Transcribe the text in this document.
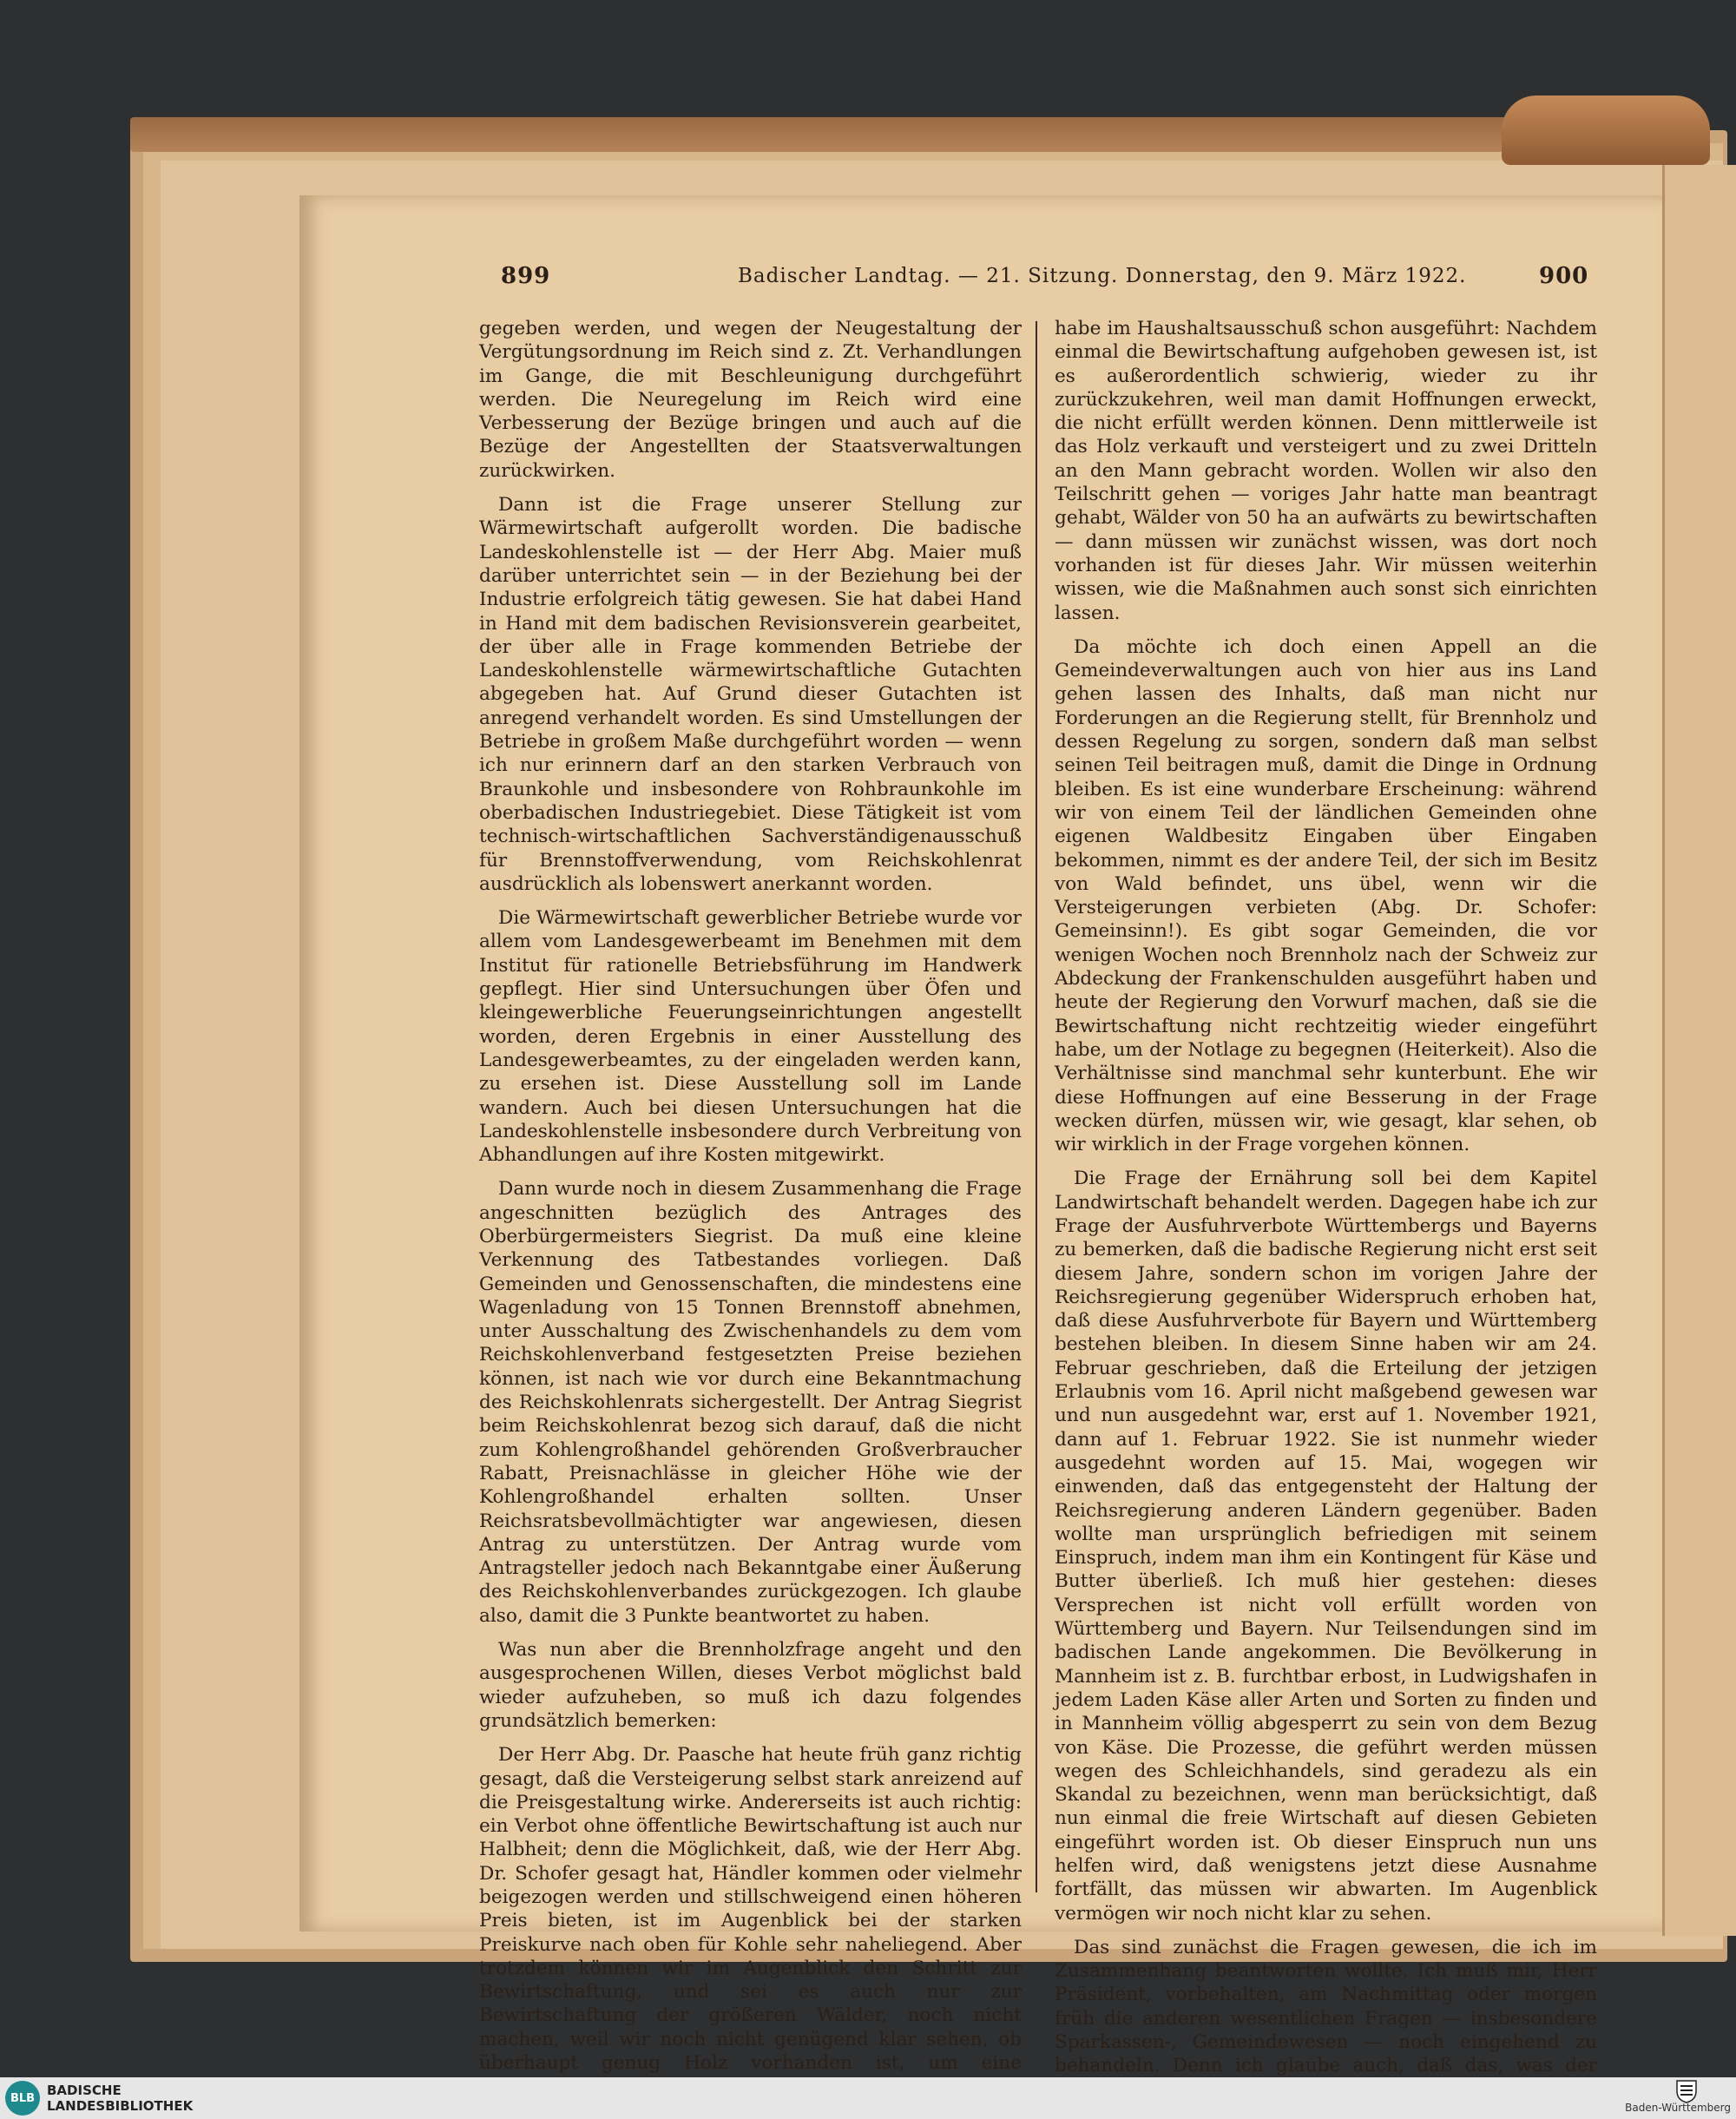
899	Badischer Landtag. — 21. Sitzung. Donnerstag, den 9. März 1922.	900

gegeben werden, und wegen der Neugestaltung der Vergütungsordnung im Reich sind z. Zt. Verhandlungen im Gange, die mit Beschleunigung durchgeführt werden. Die Neuregelung im Reich wird eine Verbesserung der Bezüge bringen und auch auf die Bezüge der Angestellten der Staatsverwaltungen zurückwirken.

Dann ist die Frage unserer Stellung zur Wärmewirtschaft aufgerollt worden. Die badische Landeskohlenstelle ist — der Herr Abg. Maier muß darüber unterrichtet sein — in der Beziehung bei der Industrie erfolgreich tätig gewesen. Sie hat dabei Hand in Hand mit dem badischen Revisionsverein gearbeitet, der über alle in Frage kommenden Betriebe der Landeskohlenstelle wärmewirtschaftliche Gutachten abgegeben hat. Auf Grund dieser Gutachten ist anregend verhandelt worden. Es sind Umstellungen der Betriebe in großem Maße durchgeführt worden — wenn ich nur erinnern darf an den starken Verbrauch von Braunkohle und insbesondere von Rohbraunkohle im oberbadischen Industriegebiet. Diese Tätigkeit ist vom technisch-wirtschaftlichen Sachverständigenausschuß für Brennstoffverwendung, vom Reichskohlenrat ausdrücklich als lobenswert anerkannt worden.

Die Wärmewirtschaft gewerblicher Betriebe wurde vor allem vom Landesgewerbeamt im Benehmen mit dem Institut für rationelle Betriebsführung im Handwerk gepflegt. Hier sind Untersuchungen über Öfen und kleingewerbliche Feuerungseinrichtungen angestellt worden, deren Ergebnis in einer Ausstellung des Landesgewerbeamtes, zu der eingeladen werden kann, zu ersehen ist. Diese Ausstellung soll im Lande wandern. Auch bei diesen Untersuchungen hat die Landeskohlenstelle insbesondere durch Verbreitung von Abhandlungen auf ihre Kosten mitgewirkt.

Dann wurde noch in diesem Zusammenhang die Frage angeschnitten bezüglich des Antrages des Oberbürgermeisters Siegrist. Da muß eine kleine Verkennung des Tatbestandes vorliegen. Daß Gemeinden und Genossenschaften, die mindestens eine Wagenladung von 15 Tonnen Brennstoff abnehmen, unter Ausschaltung des Zwischenhandels zu dem vom Reichskohlenverband festgesetzten Preise beziehen können, ist nach wie vor durch eine Bekanntmachung des Reichskohlenrats sichergestellt. Der Antrag Siegrist beim Reichskohlenrat bezog sich darauf, daß die nicht zum Kohlengroßhandel gehörenden Großverbraucher Rabatt, Preisnachlässe in gleicher Höhe wie der Kohlengroßhandel erhalten sollten. Unser Reichsratsbevollmächtigter war angewiesen, diesen Antrag zu unterstützen. Der Antrag wurde vom Antragsteller jedoch nach Bekanntgabe einer Äußerung des Reichskohlenverbandes zurückgezogen. Ich glaube also, damit die 3 Punkte beantwortet zu haben.

Was nun aber die Brennholzfrage angeht und den ausgesprochenen Willen, dieses Verbot möglichst bald wieder aufzuheben, so muß ich dazu folgendes grundsätzlich bemerken:

Der Herr Abg. Dr. Paasche hat heute früh ganz richtig gesagt, daß die Versteigerung selbst stark anreizend auf die Preisgestaltung wirke. Andererseits ist auch richtig: ein Verbot ohne öffentliche Bewirtschaftung ist auch nur Halbheit; denn die Möglichkeit, daß, wie der Herr Abg. Dr. Schofer gesagt hat, Händler kommen oder vielmehr beigezogen werden und stillschweigend einen höheren Preis bieten, ist im Augenblick bei der starken Preiskurve nach oben für Kohle sehr naheliegend. Aber trotzdem können wir im Augenblick den Schritt zur Bewirtschaftung, und sei es auch nur zur Bewirtschaftung der größeren Wälder, noch nicht machen, weil wir noch nicht genügend klar sehen, ob überhaupt genug Holz vorhanden ist, um eine

habe im Haushaltsausschuß schon ausgeführt: Nachdem einmal die Bewirtschaftung aufgehoben gewesen ist, ist es außerordentlich schwierig, wieder zu ihr zurückzukehren, weil man damit Hoffnungen erweckt, die nicht erfüllt werden können. Denn mittlerweile ist das Holz verkauft und versteigert und zu zwei Dritteln an den Mann gebracht worden. Wollen wir also den Teilschritt gehen — voriges Jahr hatte man beantragt gehabt, Wälder von 50 ha an aufwärts zu bewirtschaften — dann müssen wir zunächst wissen, was dort noch vorhanden ist für dieses Jahr. Wir müssen weiterhin wissen, wie die Maßnahmen auch sonst sich einrichten lassen.

Da möchte ich doch einen Appell an die Gemeindeverwaltungen auch von hier aus ins Land gehen lassen des Inhalts, daß man nicht nur Forderungen an die Regierung stellt, für Brennholz und dessen Regelung zu sorgen, sondern daß man selbst seinen Teil beitragen muß, damit die Dinge in Ordnung bleiben. Es ist eine wunderbare Erscheinung: während wir von einem Teil der ländlichen Gemeinden ohne eigenen Waldbesitz Eingaben über Eingaben bekommen, nimmt es der andere Teil, der sich im Besitz von Wald befindet, uns übel, wenn wir die Versteigerungen verbieten (Abg. Dr. Schofer: Gemeinsinn!). Es gibt sogar Gemeinden, die vor wenigen Wochen noch Brennholz nach der Schweiz zur Abdeckung der Frankenschulden ausgeführt haben und heute der Regierung den Vorwurf machen, daß sie die Bewirtschaftung nicht rechtzeitig wieder eingeführt habe, um der Notlage zu begegnen (Heiterkeit). Also die Verhältnisse sind manchmal sehr kunterbunt. Ehe wir diese Hoffnungen auf eine Besserung in der Frage wecken dürfen, müssen wir, wie gesagt, klar sehen, ob wir wirklich in der Frage vorgehen können.

Die Frage der Ernährung soll bei dem Kapitel Landwirtschaft behandelt werden. Dagegen habe ich zur Frage der Ausfuhrverbote Württembergs und Bayerns zu bemerken, daß die badische Regierung nicht erst seit diesem Jahre, sondern schon im vorigen Jahre der Reichsregierung gegenüber Widerspruch erhoben hat, daß diese Ausfuhrverbote für Bayern und Württemberg bestehen bleiben. In diesem Sinne haben wir am 24. Februar geschrieben, daß die Erteilung der jetzigen Erlaubnis vom 16. April nicht maßgebend gewesen war und nun ausgedehnt war, erst auf 1. November 1921, dann auf 1. Februar 1922. Sie ist nunmehr wieder ausgedehnt worden auf 15. Mai, wogegen wir einwenden, daß das entgegensteht der Haltung der Reichsregierung anderen Ländern gegenüber. Baden wollte man ursprünglich befriedigen mit seinem Einspruch, indem man ihm ein Kontingent für Käse und Butter überließ. Ich muß hier gestehen: dieses Versprechen ist nicht voll erfüllt worden von Württemberg und Bayern. Nur Teilsendungen sind im badischen Lande angekommen. Die Bevölkerung in Mannheim ist z. B. furchtbar erbost, in Ludwigshafen in jedem Laden Käse aller Arten und Sorten zu finden und in Mannheim völlig abgesperrt zu sein von dem Bezug von Käse. Die Prozesse, die geführt werden müssen wegen des Schleichhandels, sind geradezu als ein Skandal zu bezeichnen, wenn man berücksichtigt, daß nun einmal die freie Wirtschaft auf diesen Gebieten eingeführt worden ist. Ob dieser Einspruch nun uns helfen wird, daß wenigstens jetzt diese Ausnahme fortfällt, das müssen wir abwarten. Im Augenblick vermögen wir noch nicht klar zu sehen.

Das sind zunächst die Fragen gewesen, die ich im Zusammenhang beantworten wollte. Ich muß mir, Herr Präsident, vorbehalten, am Nachmittag oder morgen früh die anderen wesentlichen Fragen — insbesondere Sparkassen-, Gemeindewesen — noch eingehend zu behandeln. Denn ich glaube auch, daß das, was der

BLB BADISCHE
LANDESBIBLIOTHEK	Baden-Württemberg
